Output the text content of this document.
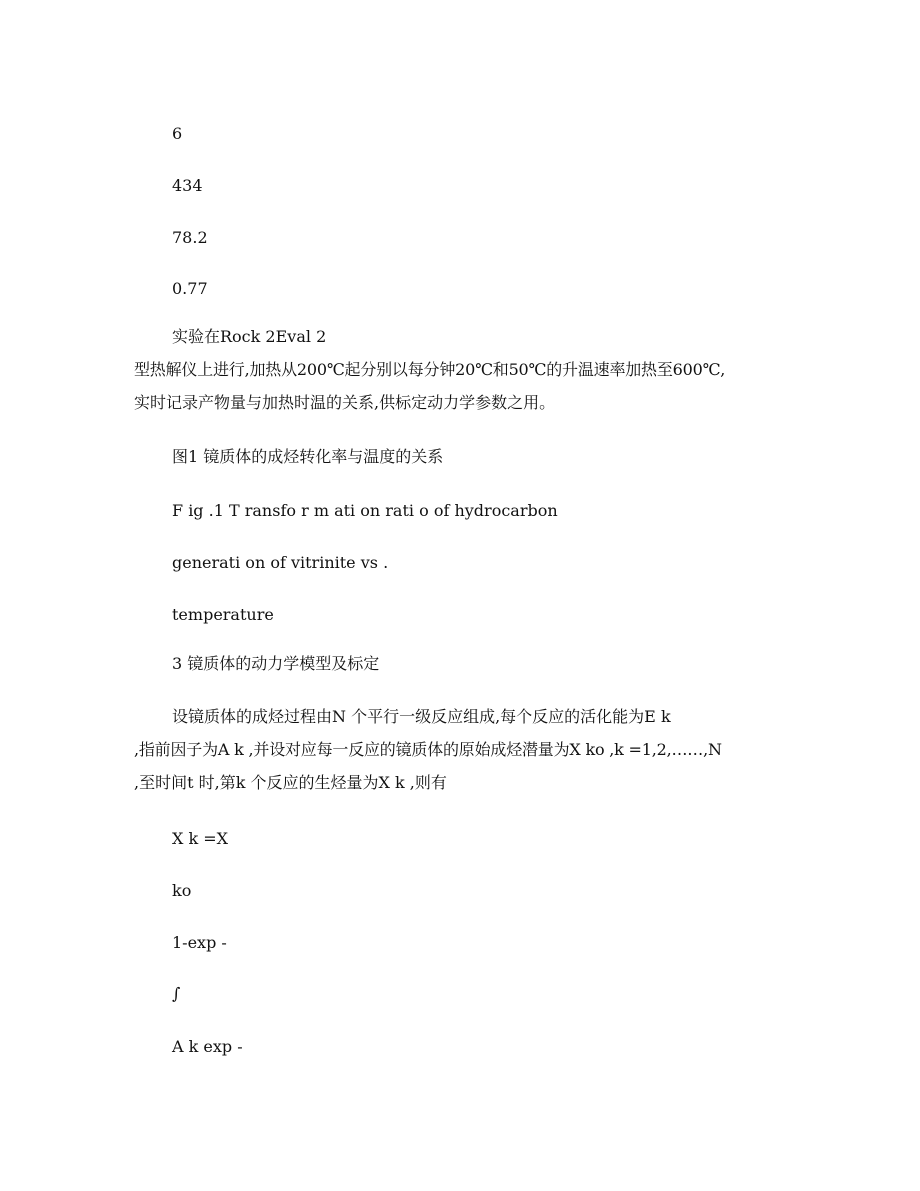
6
434
78.2
0.77
实验在Rock 2Eval 2
型热解仪上进行,加热从200℃起分别以每分钟20℃和50℃的升温速率加热至600℃,
实时记录产物量与加热时温的关系,供标定动力学参数之用。
图1 镜质体的成烃转化率与温度的关系
F ig .1 T ransfo r m ati on rati o of hydrocarbon
generati on of vitrinite vs .
temperature
3 镜质体的动力学模型及标定
设镜质体的成烃过程由N 个平行一级反应组成,每个反应的活化能为E k
,指前因子为A k ,并设对应每一反应的镜质体的原始成烃潜量为X ko ,k =1,2,……,N
,至时间t 时,第k 个反应的生烃量为X k ,则有
X k =X
ko
1-exp -
∫
A k exp -
